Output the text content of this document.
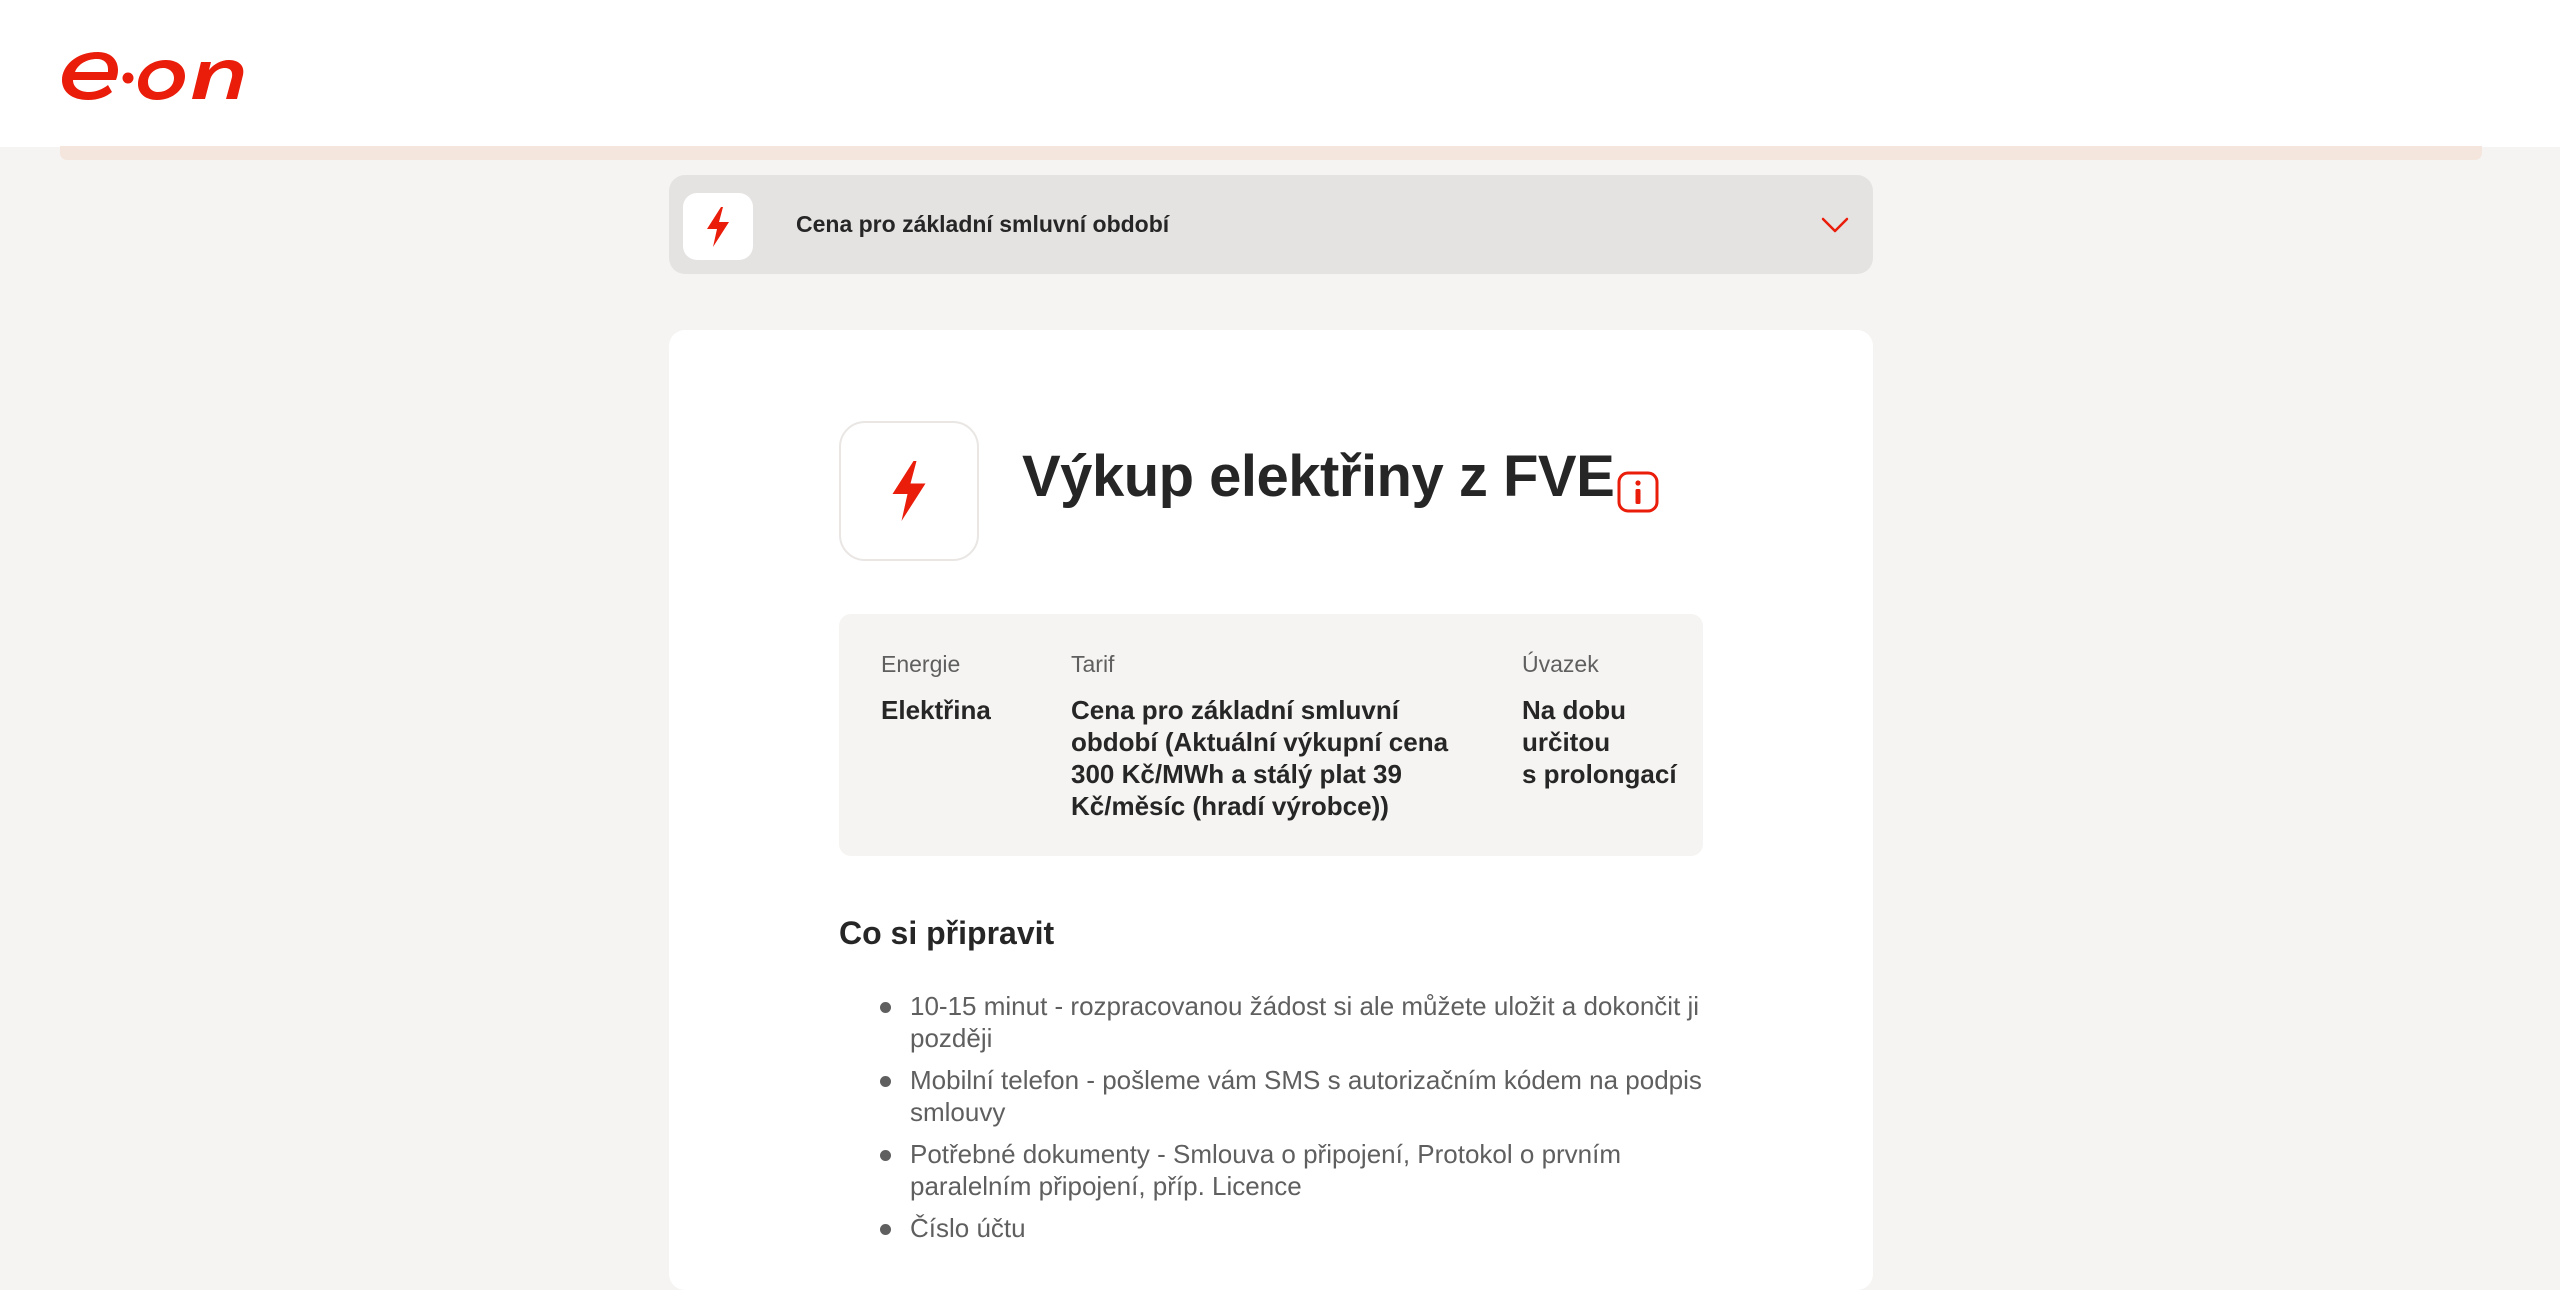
Cena pro základní smluvní období
Výkup elektřiny z FVE
Energie
Elektřina
Tarif
Cena pro základní smluvní období (Aktuální výkupní cena 300 Kč/MWh a stálý plat 39 Kč/měsíc (hradí výrobce))
Úvazek
Na dobu
určitou
s prolongací
Co si připravit
10-15 minut - rozpracovanou žádost si ale můžete uložit a dokončit ji později
Mobilní telefon - pošleme vám SMS s autorizačním kódem na podpis smlouvy
Potřebné dokumenty - Smlouva o připojení, Protokol o prvním paralelním připojení, příp. Licence
Číslo účtu
